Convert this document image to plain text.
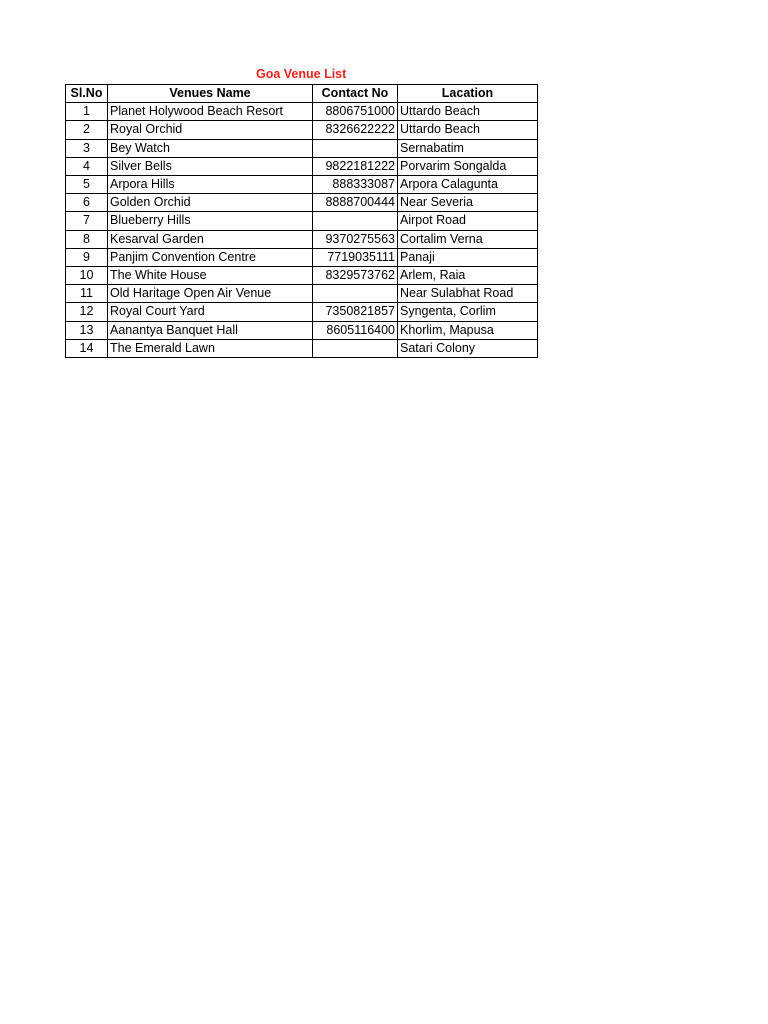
Goa Venue List
Sl.No	Venues Name	Contact No	Lacation
1	Planet Holywood Beach Resort	8806751000	Uttardo Beach
2	Royal Orchid	8326622222	Uttardo Beach
3	Bey Watch		Sernabatim
4	Silver Bells	9822181222	Porvarim Songalda
5	Arpora Hills	888333087	Arpora Calagunta
6	Golden Orchid	8888700444	Near Severia
7	Blueberry Hills		Airpot Road
8	Kesarval Garden	9370275563	Cortalim Verna
9	Panjim Convention Centre	7719035111	Panaji
10	The White House	8329573762	Arlem, Raia
11	Old Haritage Open Air Venue		Near Sulabhat Road
12	Royal Court Yard	7350821857	Syngenta, Corlim
13	Aanantya Banquet Hall	8605116400	Khorlim, Mapusa
14	The Emerald Lawn		Satari Colony
